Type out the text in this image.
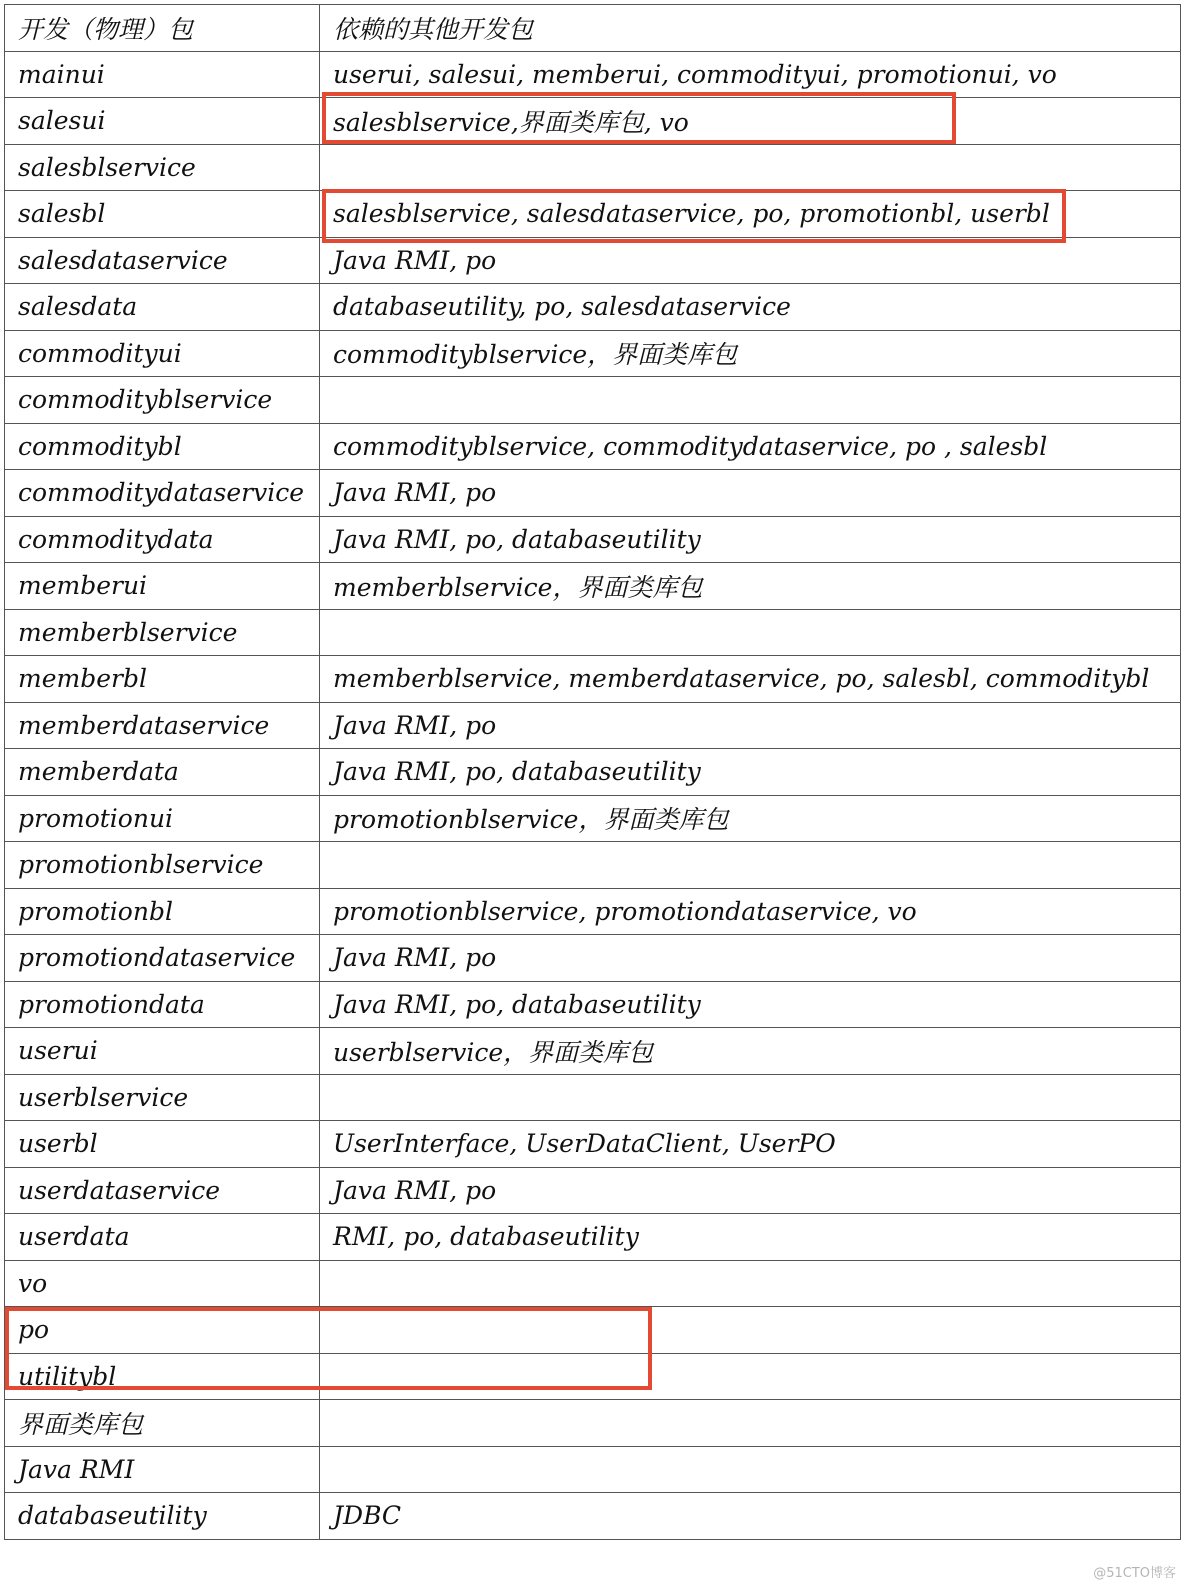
开发（物理）包	依赖的其他开发包
mainui	userui, salesui, memberui, commodityui, promotionui, vo
salesui	salesblservice,界面类库包, vo
salesblservice	
salesbl	salesblservice, salesdataservice, po, promotionbl, userbl
salesdataservice	Java RMI, po
salesdata	databaseutility, po, salesdataservice
commodityui	commodityblservice，界面类库包
commodityblservice	
commoditybl	commodityblservice, commoditydataservice, po , salesbl
commoditydataservice	Java RMI, po
commoditydata	Java RMI, po, databaseutility
memberui	memberblservice，界面类库包
memberblservice	
memberbl	memberblservice, memberdataservice, po, salesbl, commoditybl
memberdataservice	Java RMI, po
memberdata	Java RMI, po, databaseutility
promotionui	promotionblservice，界面类库包
promotionblservice	
promotionbl	promotionblservice, promotiondataservice, vo
promotiondataservice	Java RMI, po
promotiondata	Java RMI, po, databaseutility
userui	userblservice，界面类库包
userblservice	
userbl	UserInterface, UserDataClient, UserPO
userdataservice	Java RMI, po
userdata	RMI, po, databaseutility
vo	
po	
utilitybl	
界面类库包	
Java RMI	
databaseutility	JDBC
@51CTO博客
